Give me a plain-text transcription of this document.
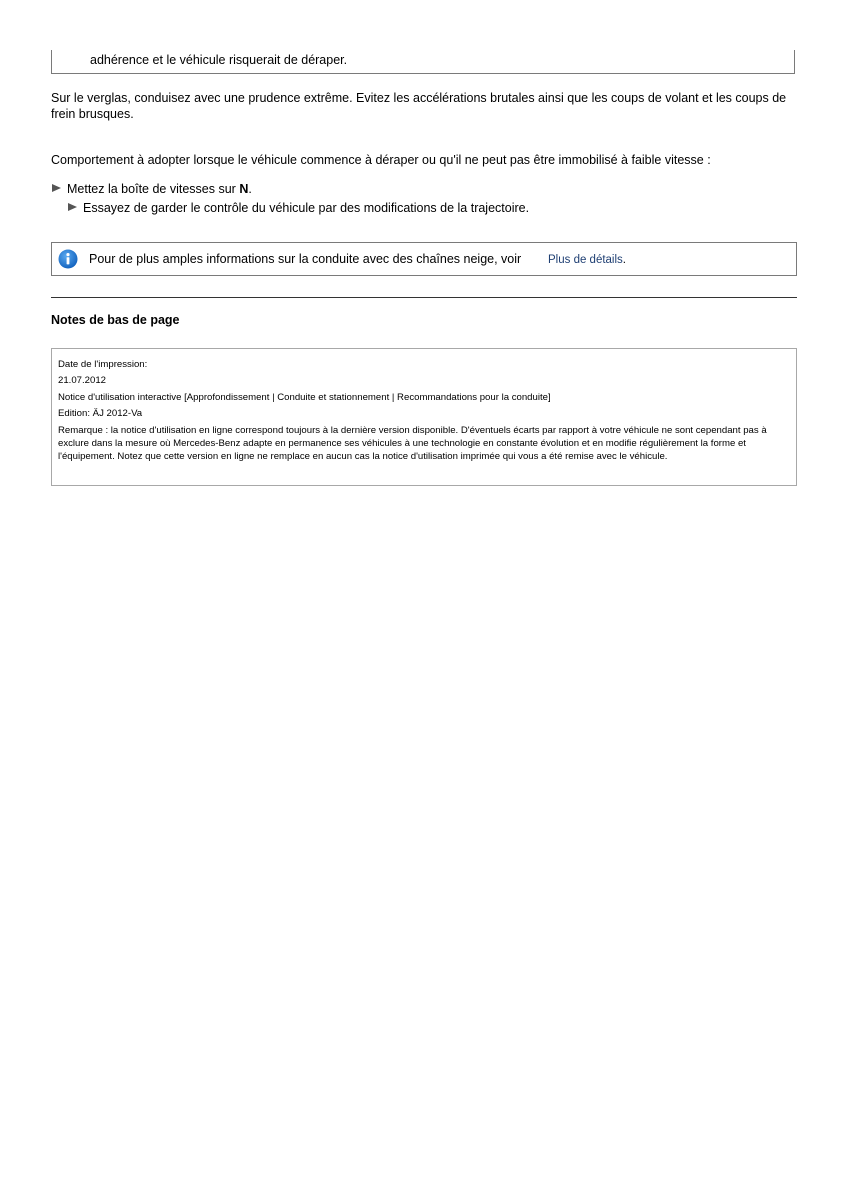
adhérence et le véhicule risquerait de déraper.
Sur le verglas, conduisez avec une prudence extrême. Evitez les accélérations brutales ainsi que les coups de volant et les coups de frein brusques.
Comportement à adopter lorsque le véhicule commence à déraper ou qu'il ne peut pas être immobilisé à faible vitesse :
Mettez la boîte de vitesses sur N.
Essayez de garder le contrôle du véhicule par des modifications de la trajectoire.
Pour de plus amples informations sur la conduite avec des chaînes neige, voir Plus de détails.
Notes de bas de page
Date de l'impression:
21.07.2012
Notice d'utilisation interactive [Approfondissement | Conduite et stationnement | Recommandations pour la conduite]
Edition: ÄJ 2012-Va
Remarque : la notice d'utilisation en ligne correspond toujours à la dernière version disponible. D'éventuels écarts par rapport à votre véhicule ne sont cependant pas à exclure dans la mesure où Mercedes-Benz adapte en permanence ses véhicules à une technologie en constante évolution et en modifie régulièrement la forme et l'équipement. Notez que cette version en ligne ne remplace en aucun cas la notice d'utilisation imprimée qui vous a été remise avec le véhicule.
